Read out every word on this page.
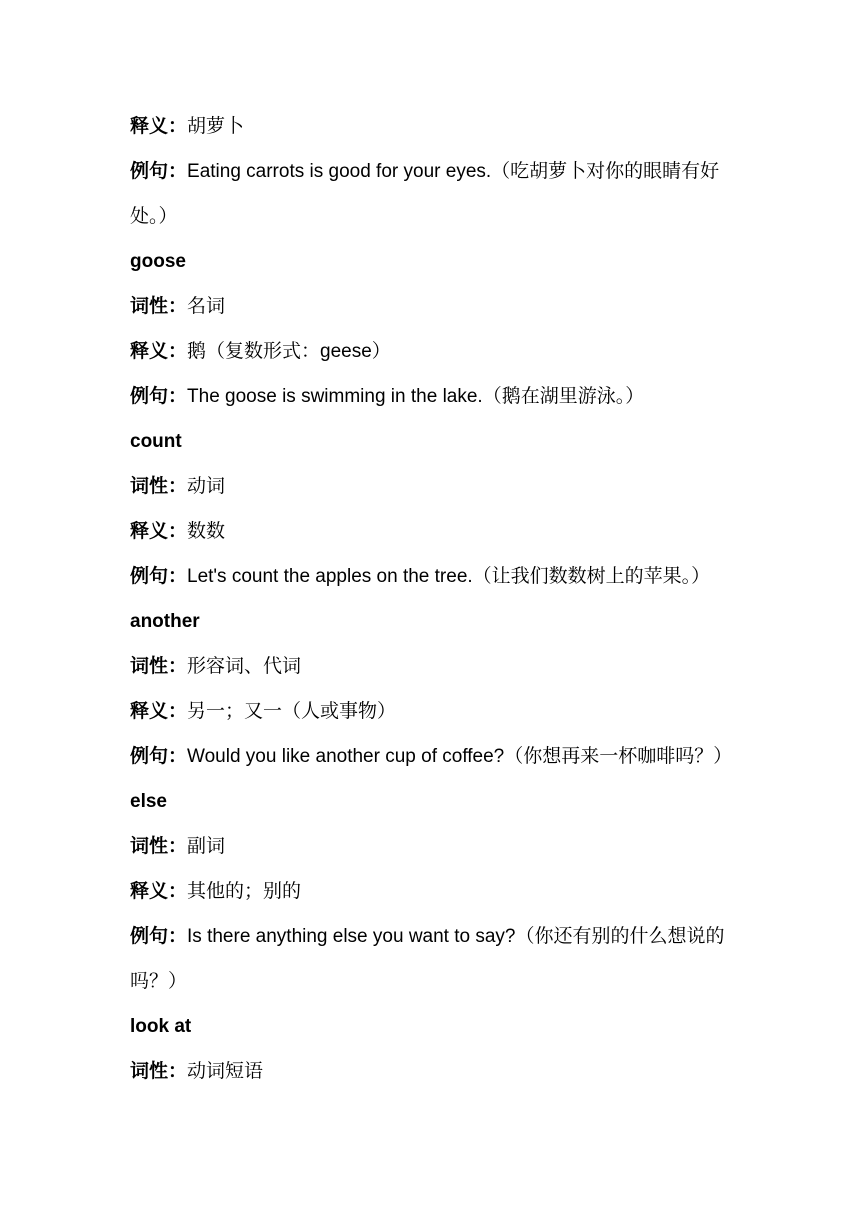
释义：胡萝卜
例句：Eating carrots is good for your eyes.（吃胡萝卜对你的眼睛有好处。）
goose
词性：名词
释义：鹅（复数形式：geese）
例句：The goose is swimming in the lake.（鹅在湖里游泳。）
count
词性：动词
释义：数数
例句：Let's count the apples on the tree.（让我们数数树上的苹果。）
another
词性：形容词、代词
释义：另一；又一（人或事物）
例句：Would you like another cup of coffee?（你想再来一杯咖啡吗？）
else
词性：副词
释义：其他的；别的
例句：Is there anything else you want to say?（你还有别的什么想说的吗？）
look at
词性：动词短语
